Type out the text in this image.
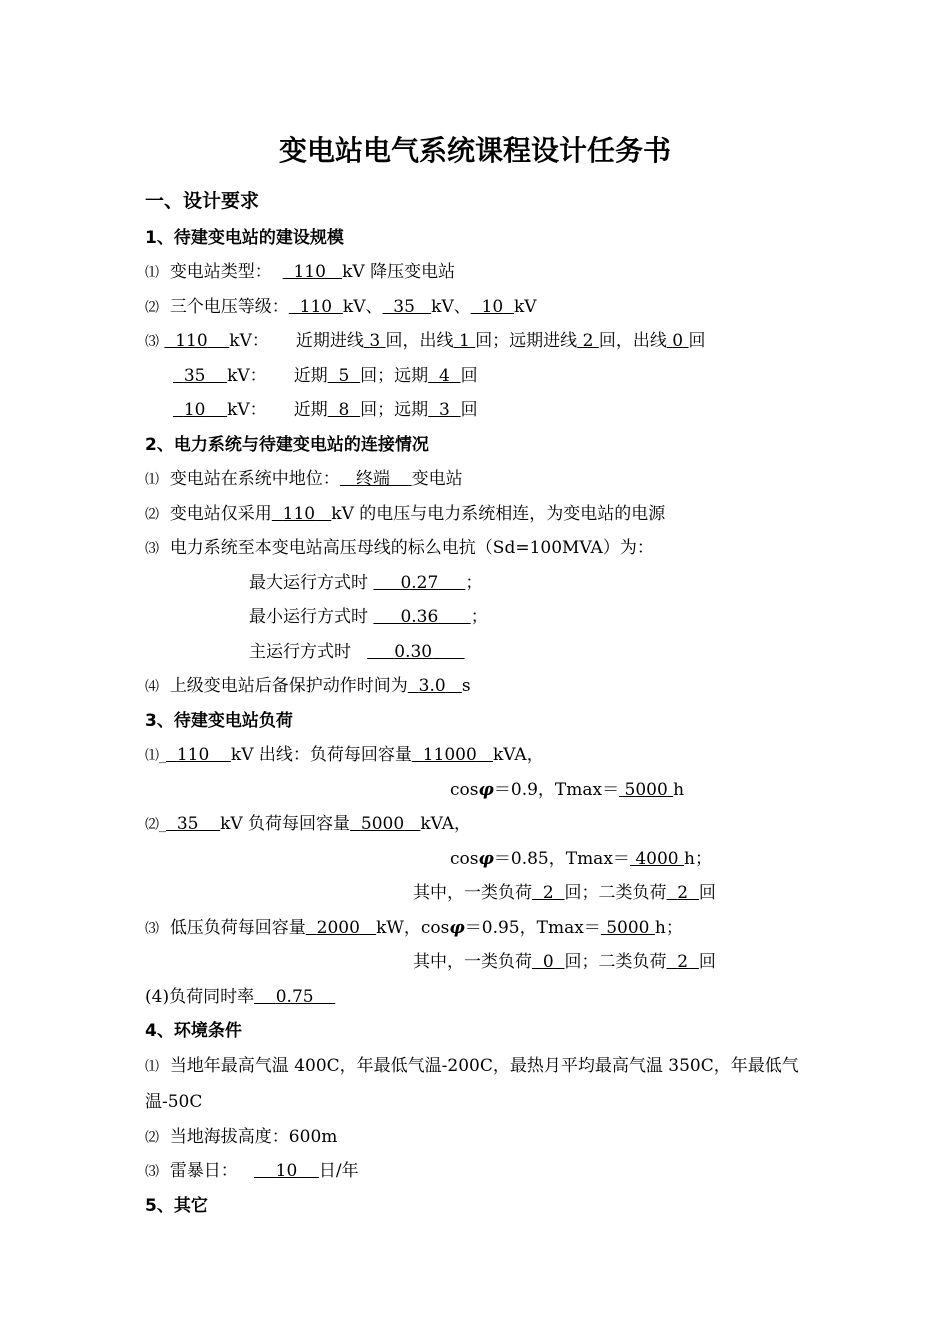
变电站电气系统课程设计任务书
一、设计要求
1、待建变电站的建设规模
⑴ 变电站类型： 110 kV 降压变电站
⑵ 三个电压等级： 110 kV、 35 kV、 10 kV
⑶ 110 kV： 近期进线 3 回，出线 1 回；远期进线 2 回，出线 0 回
35 kV： 近期 5 回；远期 4 回
10 kV： 近期 8 回；远期 3 回
2、电力系统与待建变电站的连接情况
⑴ 变电站在系统中地位： 终端 变电站
⑵ 变电站仅采用 110 kV 的电压与电力系统相连，为变电站的电源
⑶ 电力系统至本变电站高压母线的标么电抗（Sd=100MVA）为：
最大运行方式时 0.27 ；
最小运行方式时 0.36 ；
主运行方式时	0.30
⑷ 上级变电站后备保护动作时间为 3.0 s
3、待建变电站负荷
⑴_ 110 kV 出线：负荷每回容量 11000 kVA，
cosφ＝0.9，Tmax＝ 5000 h
⑵_ 35 kV 负荷每回容量 5000 kVA，
cosφ＝0.85，Tmax＝ 4000 h；
其中，一类负荷 2 回；二类负荷 2 回
⑶ 低压负荷每回容量 2000 kW，cosφ＝0.95，Tmax＝ 5000 h；
其中，一类负荷 0 回；二类负荷 2 回
(4)负荷同时率 0.75
4、环境条件
⑴ 当地年最高气温 400C，年最低气温-200C，最热月平均最高气温 350C，年最低气
温-50C
⑵ 当地海拔高度：600m
⑶ 雷暴日： 10 日/年
5、其它
